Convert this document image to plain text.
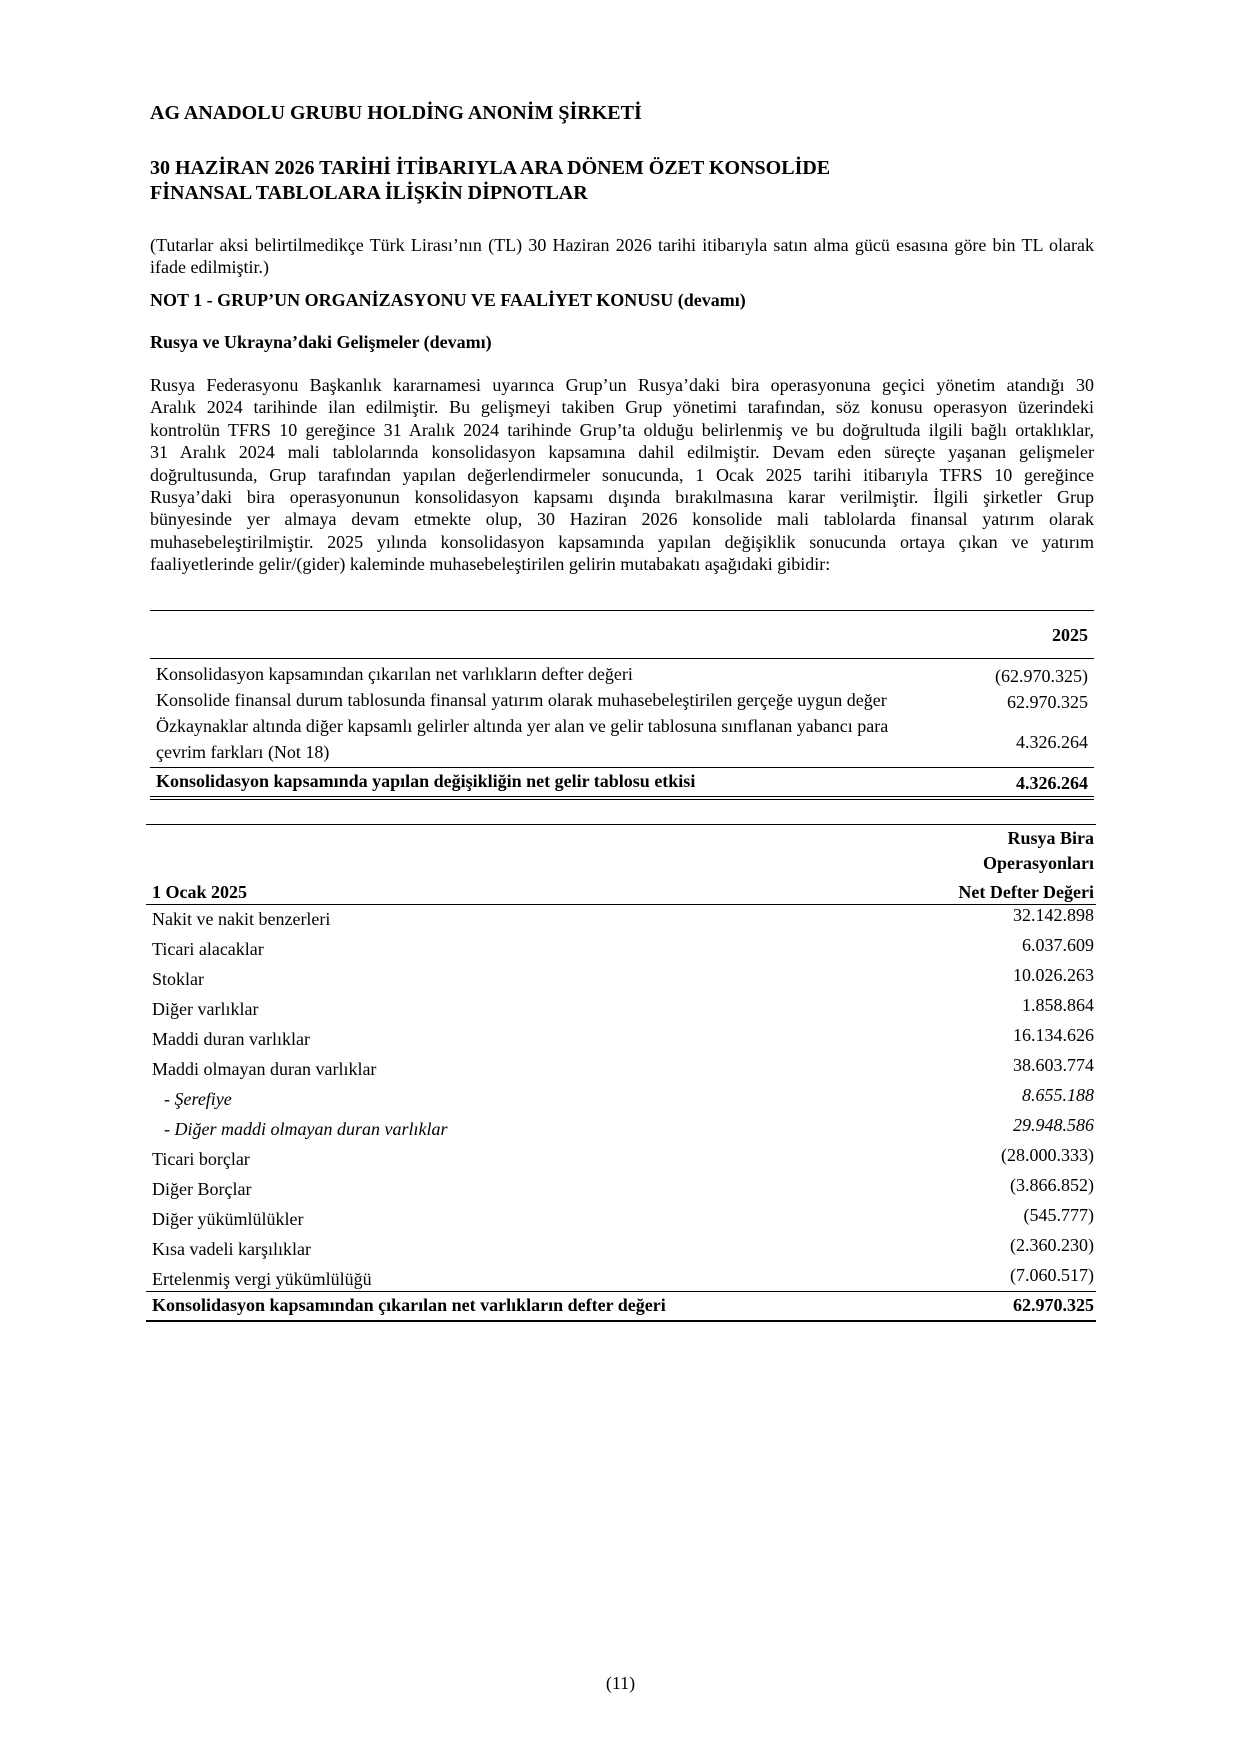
AG ANADOLU GRUBU HOLDİNG ANONİM ŞİRKETİ
30 HAZİRAN 2026 TARİHİ İTİBARIYLA ARA DÖNEM ÖZET KONSOLİDE
FİNANSAL TABLOLARA İLİŞKİN DİPNOTLAR
(Tutarlar aksi belirtilmedikçe Türk Lirası’nın (TL) 30 Haziran 2026 tarihi itibarıyla satın alma gücü esasına göre bin TL olarak ifade edilmiştir.)
NOT 1 - GRUP’UN ORGANİZASYONU VE FAALİYET KONUSU (devamı)
Rusya ve Ukrayna’daki Gelişmeler (devamı)
Rusya Federasyonu Başkanlık kararnamesi uyarınca Grup’un Rusya’daki bira operasyonuna geçici yönetim atandığı 30
Aralık 2024 tarihinde ilan edilmiştir. Bu gelişmeyi takiben Grup yönetimi tarafından, söz konusu operasyon üzerindeki
kontrolün TFRS 10 gereğince 31 Aralık 2024 tarihinde Grup’ta olduğu belirlenmiş ve bu doğrultuda ilgili bağlı ortaklıklar,
31 Aralık 2024 mali tablolarında konsolidasyon kapsamına dahil edilmiştir. Devam eden süreçte yaşanan gelişmeler
doğrultusunda, Grup tarafından yapılan değerlendirmeler sonucunda, 1 Ocak 2025 tarihi itibarıyla TFRS 10 gereğince
Rusya’daki bira operasyonunun konsolidasyon kapsamı dışında bırakılmasına karar verilmiştir. İlgili şirketler Grup
bünyesinde yer almaya devam etmekte olup, 30 Haziran 2026 konsolide mali tablolarda finansal yatırım olarak
muhasebeleştirilmiştir. 2025 yılında konsolidasyon kapsamında yapılan değişiklik sonucunda ortaya çıkan ve yatırım
faaliyetlerinde gelir/(gider) kaleminde muhasebeleştirilen gelirin mutabakatı aşağıdaki gibidir:
2025
Konsolidasyon kapsamından çıkarılan net varlıkların defter değeri	(62.970.325)
Konsolide finansal durum tablosunda finansal yatırım olarak muhasebeleştirilen gerçeğe uygun değer	62.970.325
Özkaynaklar altında diğer kapsamlı gelirler altında yer alan ve gelir tablosuna sınıflanan yabancı para
çevrim farkları (Not 18)	4.326.264
Konsolidasyon kapsamında yapılan değişikliğin net gelir tablosu etkisi	4.326.264
Rusya Bira
Operasyonları
1 Ocak 2025	Net Defter Değeri
Nakit ve nakit benzerleri	32.142.898
Ticari alacaklar	6.037.609
Stoklar	10.026.263
Diğer varlıklar	1.858.864
Maddi duran varlıklar	16.134.626
Maddi olmayan duran varlıklar	38.603.774
- Şerefiye	8.655.188
- Diğer maddi olmayan duran varlıklar	29.948.586
Ticari borçlar	(28.000.333)
Diğer Borçlar	(3.866.852)
Diğer yükümlülükler	(545.777)
Kısa vadeli karşılıklar	(2.360.230)
Ertelenmiş vergi yükümlülüğü	(7.060.517)
Konsolidasyon kapsamından çıkarılan net varlıkların defter değeri	62.970.325
(11)
